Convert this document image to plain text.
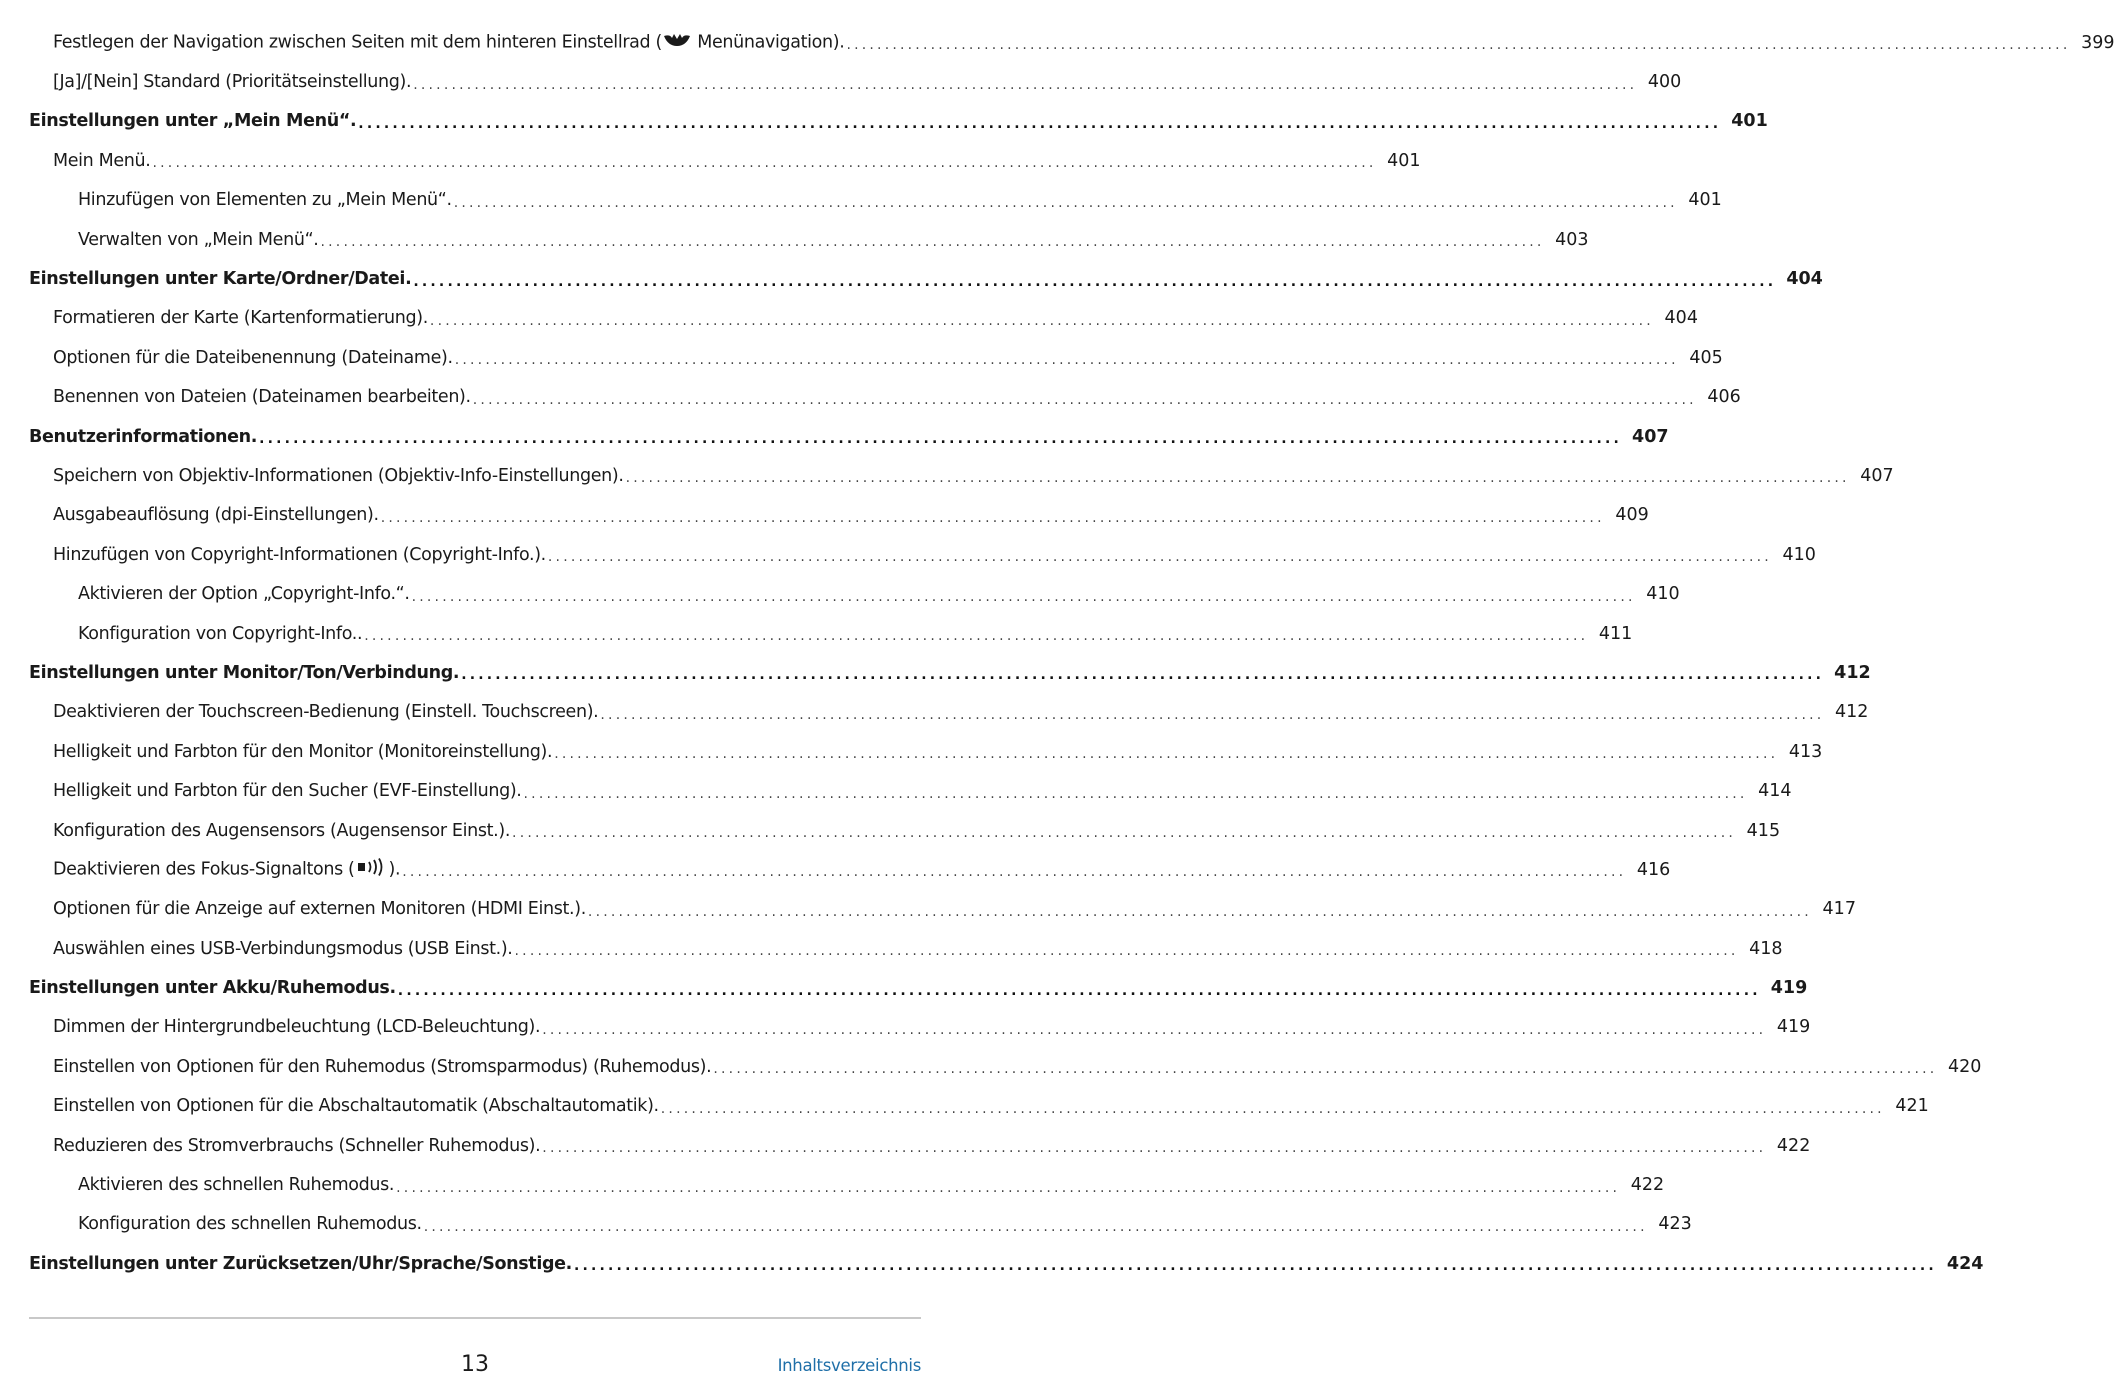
Festlegen der Navigation zwischen Seiten mit dem hinteren Einstellrad ( Menünavigation). ................................................................................................................................................................ 399
[Ja]/[Nein] Standard (Prioritätseinstellung). ................................................................................................................................................................ 400
Einstellungen unter „Mein Menü“. ................................................................................................................................................................ 401
Mein Menü. ................................................................................................................................................................ 401
Hinzufügen von Elementen zu „Mein Menü“. ................................................................................................................................................................ 401
Verwalten von „Mein Menü“. ................................................................................................................................................................ 403
Einstellungen unter Karte/Ordner/Datei. ................................................................................................................................................................ 404
Formatieren der Karte (Kartenformatierung). ................................................................................................................................................................ 404
Optionen für die Dateibenennung (Dateiname). ................................................................................................................................................................ 405
Benennen von Dateien (Dateinamen bearbeiten). ................................................................................................................................................................ 406
Benutzerinformationen. ................................................................................................................................................................ 407
Speichern von Objektiv-Informationen (Objektiv-Info-Einstellungen). ................................................................................................................................................................ 407
Ausgabeauflösung (dpi-Einstellungen). ................................................................................................................................................................ 409
Hinzufügen von Copyright-Informationen (Copyright-Info.). ................................................................................................................................................................ 410
Aktivieren der Option „Copyright-Info.“. ................................................................................................................................................................ 410
Konfiguration von Copyright-Info.. ................................................................................................................................................................ 411
Einstellungen unter Monitor/Ton/Verbindung. ................................................................................................................................................................ 412
Deaktivieren der Touchscreen-Bedienung (Einstell. Touchscreen). ................................................................................................................................................................ 412
Helligkeit und Farbton für den Monitor (Monitoreinstellung). ................................................................................................................................................................ 413
Helligkeit und Farbton für den Sucher (EVF-Einstellung). ................................................................................................................................................................ 414
Konfiguration des Augensensors (Augensensor Einst.). ................................................................................................................................................................ 415
Deaktivieren des Fokus-Signaltons ( ). ................................................................................................................................................................ 416
Optionen für die Anzeige auf externen Monitoren (HDMI Einst.). ................................................................................................................................................................ 417
Auswählen eines USB-Verbindungsmodus (USB Einst.). ................................................................................................................................................................ 418
Einstellungen unter Akku/Ruhemodus. ................................................................................................................................................................ 419
Dimmen der Hintergrundbeleuchtung (LCD-Beleuchtung). ................................................................................................................................................................ 419
Einstellen von Optionen für den Ruhemodus (Stromsparmodus) (Ruhemodus). ................................................................................................................................................................ 420
Einstellen von Optionen für die Abschaltautomatik (Abschaltautomatik). ................................................................................................................................................................ 421
Reduzieren des Stromverbrauchs (Schneller Ruhemodus). ................................................................................................................................................................ 422
Aktivieren des schnellen Ruhemodus. ................................................................................................................................................................ 422
Konfiguration des schnellen Ruhemodus. ................................................................................................................................................................ 423
Einstellungen unter Zurücksetzen/Uhr/Sprache/Sonstige. ................................................................................................................................................................ 424
13	Inhaltsverzeichnis
